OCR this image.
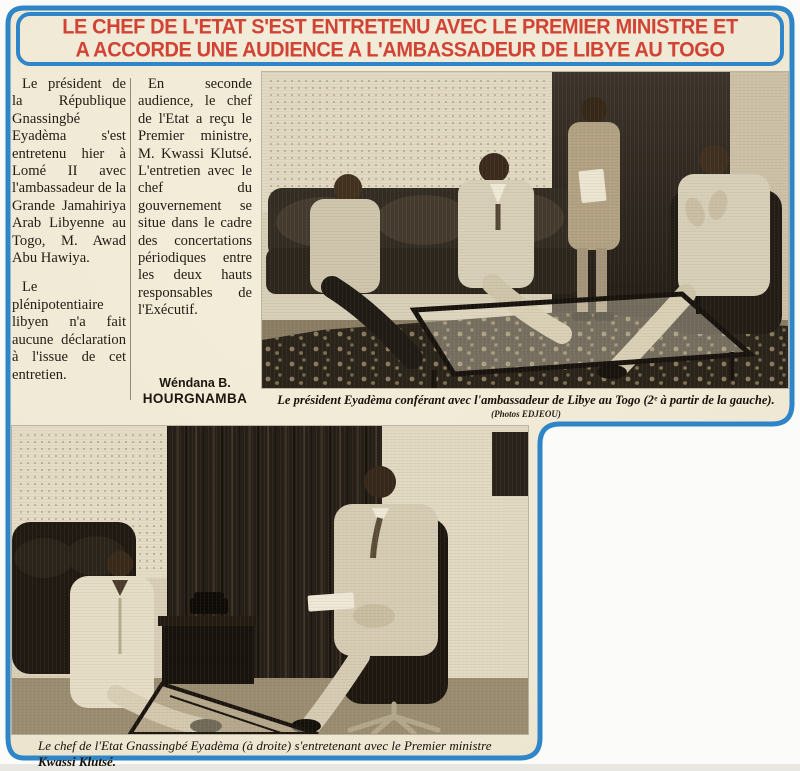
LE CHEF DE L'ETAT S'EST ENTRETENU AVEC LE PREMIER MINISTRE ET
A ACCORDE UNE AUDIENCE A L'AMBASSADEUR DE LIBYE AU TOGO

Le président de la République Gnassingbé Eyadèma s'est entretenu hier à Lomé II avec l'ambassadeur de la Grande Jamahiriya Arab Libyenne au Togo, M. Awad Abu Hawiya.

Le plénipotentiaire libyen n'a fait aucune déclaration à l'issue de cet entretien.

En seconde audience, le chef de l'Etat a reçu le Premier ministre, M. Kwassi Klutsé. L'entretien avec le chef du gouvernement se situe dans le cadre des concertations périodiques entre les deux hauts responsables de l'Exécutif.

Wéndana B.
HOURGNAMBA	Le président Eyadèma conférant avec l'ambassadeur de Libye au Togo (2ᵉ à partir de la gauche).
(Photos EDJEOU)
Le chef de l'Etat Gnassingbé Eyadèma (à droite) s'entretenant avec le Premier ministre Kwassi Klutsé.
